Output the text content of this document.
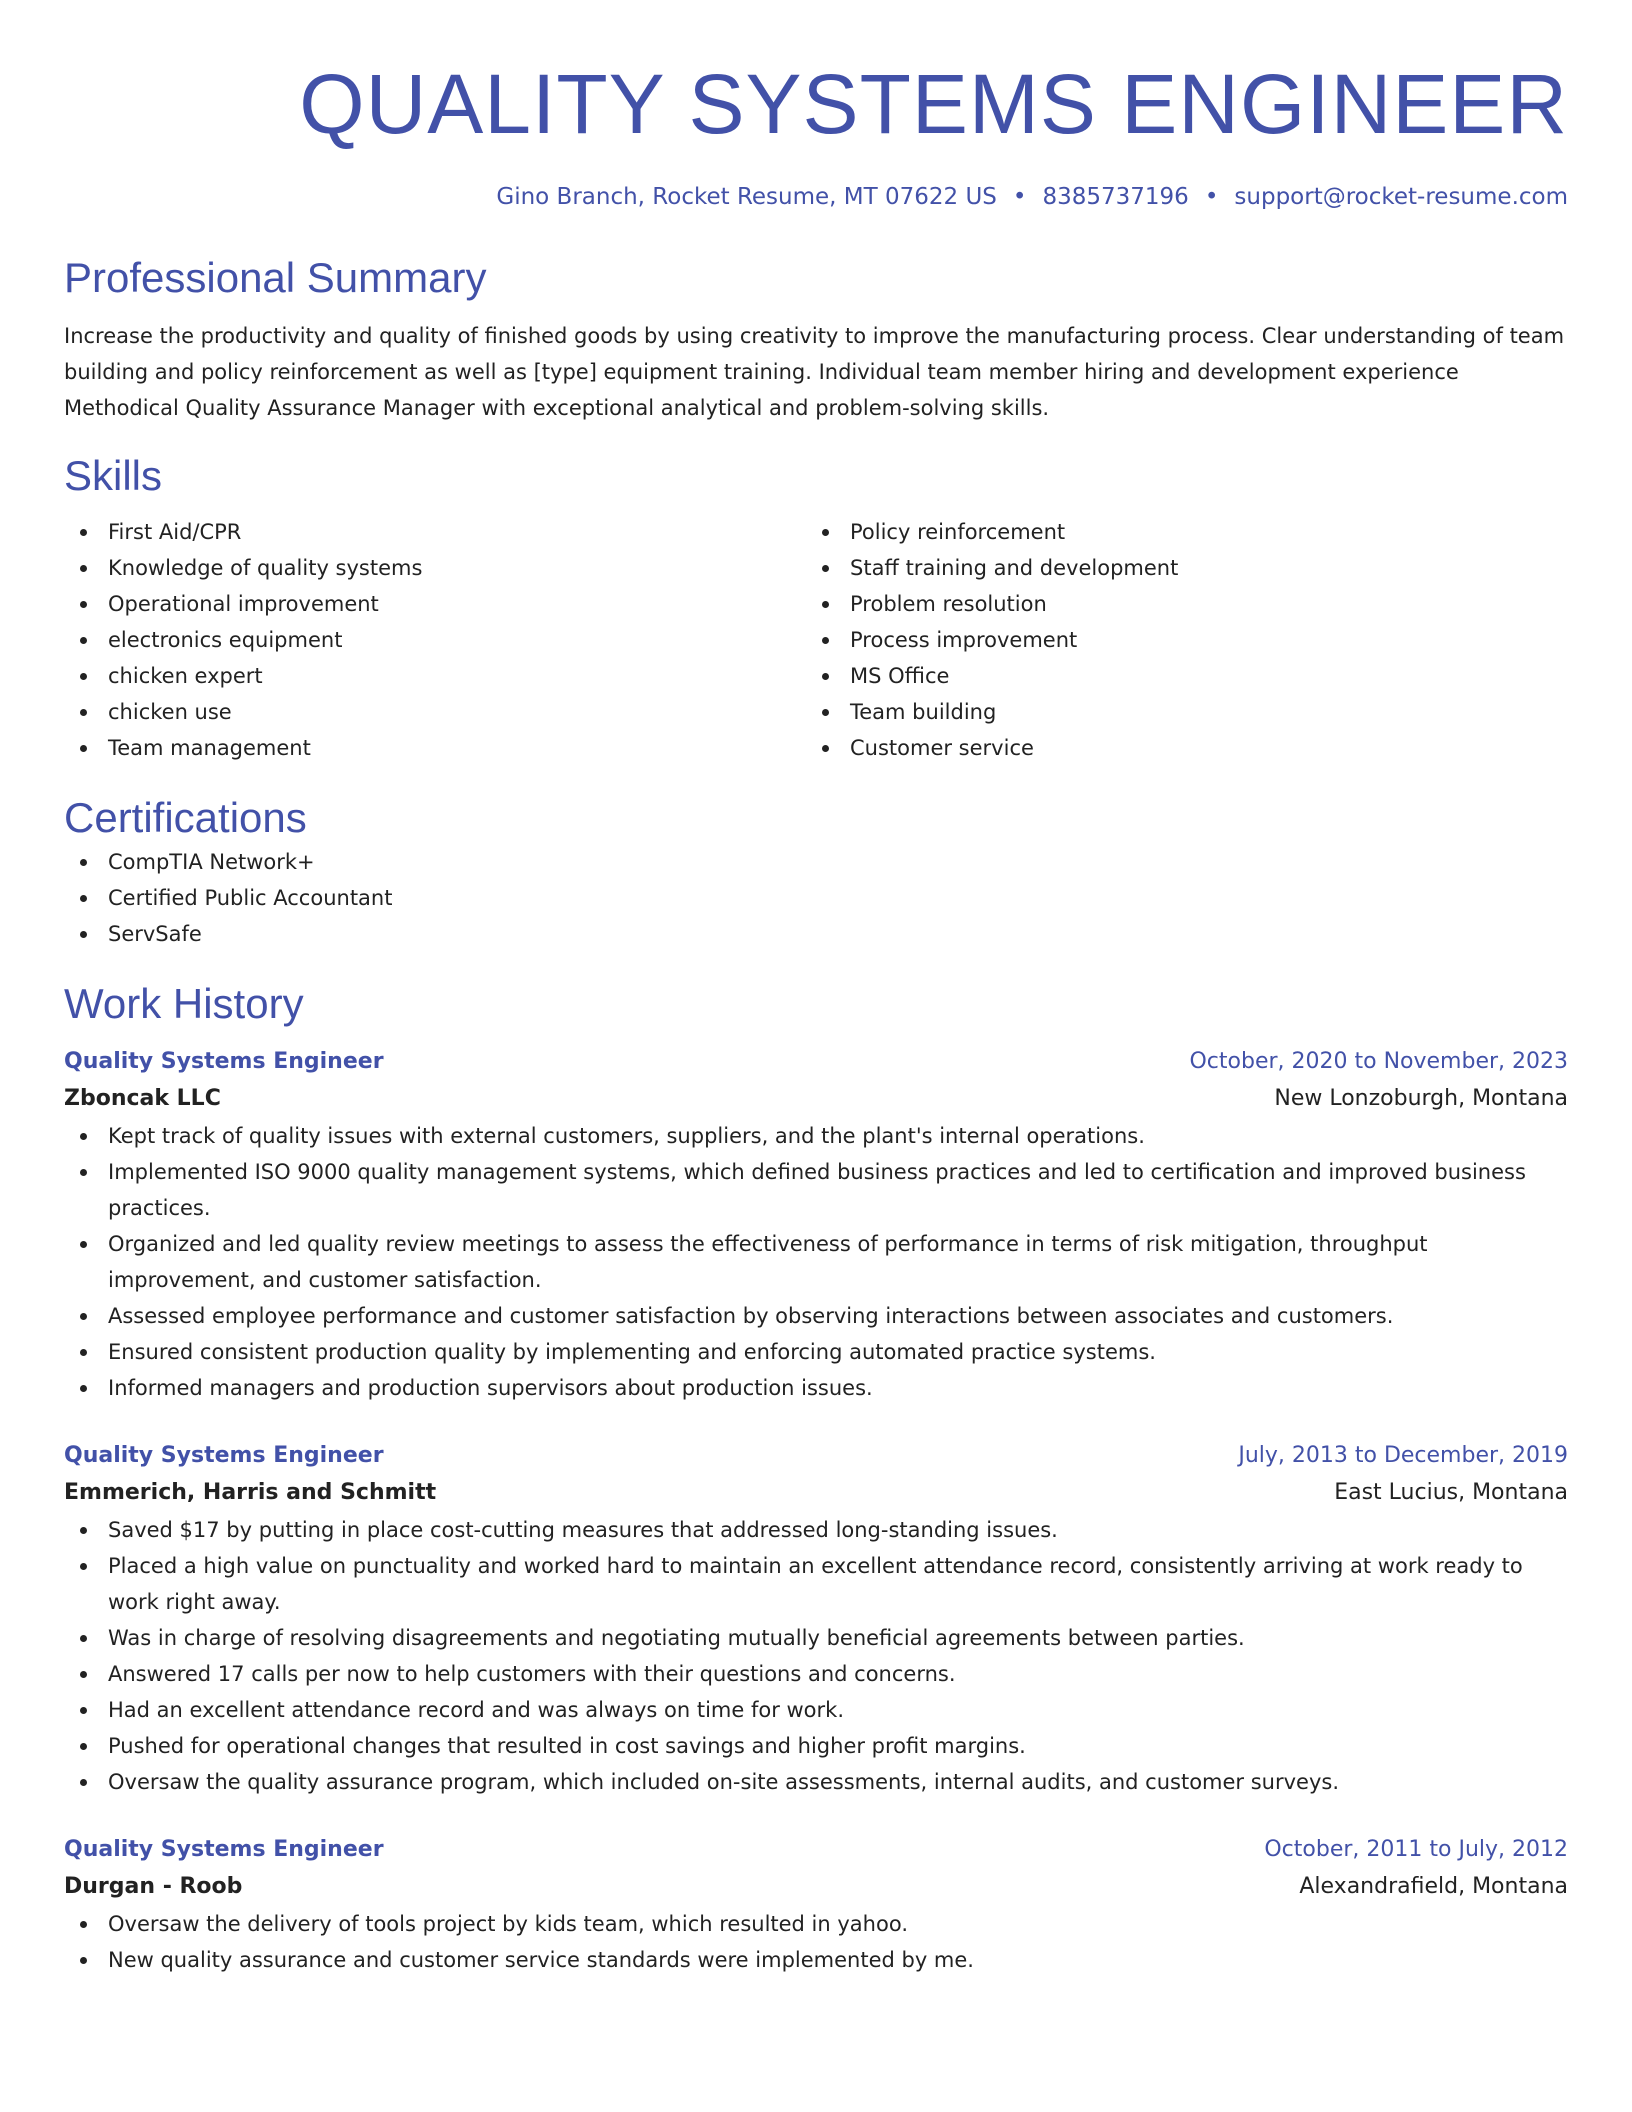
QUALITY SYSTEMS ENGINEER
Gino Branch, Rocket Resume, MT 07622 US • 8385737196 • support@rocket-resume.com
Professional Summary

Increase the productivity and quality of finished goods by using creativity to improve the manufacturing process. Clear understanding of team building and policy reinforcement as well as [type] equipment training. Individual team member hiring and development experience Methodical Quality Assurance Manager with exceptional analytical and problem-solving skills.

Skills
First Aid/CPR
Knowledge of quality systems
Operational improvement
electronics equipment
chicken expert
chicken use
Team management
Policy reinforcement
Staff training and development
Problem resolution
Process improvement
MS Office
Team building
Customer service
Certifications
CompTIA Network+
Certified Public Accountant
ServSafe
Work History
Quality Systems Engineer	October, 2020 to November, 2023
Zboncak LLC	New Lonzoburgh, Montana
Kept track of quality issues with external customers, suppliers, and the plant's internal operations.
Implemented ISO 9000 quality management systems, which defined business practices and led to certification and improved business practices.
Organized and led quality review meetings to assess the effectiveness of performance in terms of risk mitigation, throughput improvement, and customer satisfaction.
Assessed employee performance and customer satisfaction by observing interactions between associates and customers.
Ensured consistent production quality by implementing and enforcing automated practice systems.
Informed managers and production supervisors about production issues.
Quality Systems Engineer	July, 2013 to December, 2019
Emmerich, Harris and Schmitt	East Lucius, Montana
Saved $17 by putting in place cost-cutting measures that addressed long-standing issues.
Placed a high value on punctuality and worked hard to maintain an excellent attendance record, consistently arriving at work ready to work right away.
Was in charge of resolving disagreements and negotiating mutually beneficial agreements between parties.
Answered 17 calls per now to help customers with their questions and concerns.
Had an excellent attendance record and was always on time for work.
Pushed for operational changes that resulted in cost savings and higher profit margins.
Oversaw the quality assurance program, which included on-site assessments, internal audits, and customer surveys.
Quality Systems Engineer	October, 2011 to July, 2012
Durgan - Roob	Alexandrafield, Montana
Oversaw the delivery of tools project by kids team, which resulted in yahoo.
New quality assurance and customer service standards were implemented by me.
